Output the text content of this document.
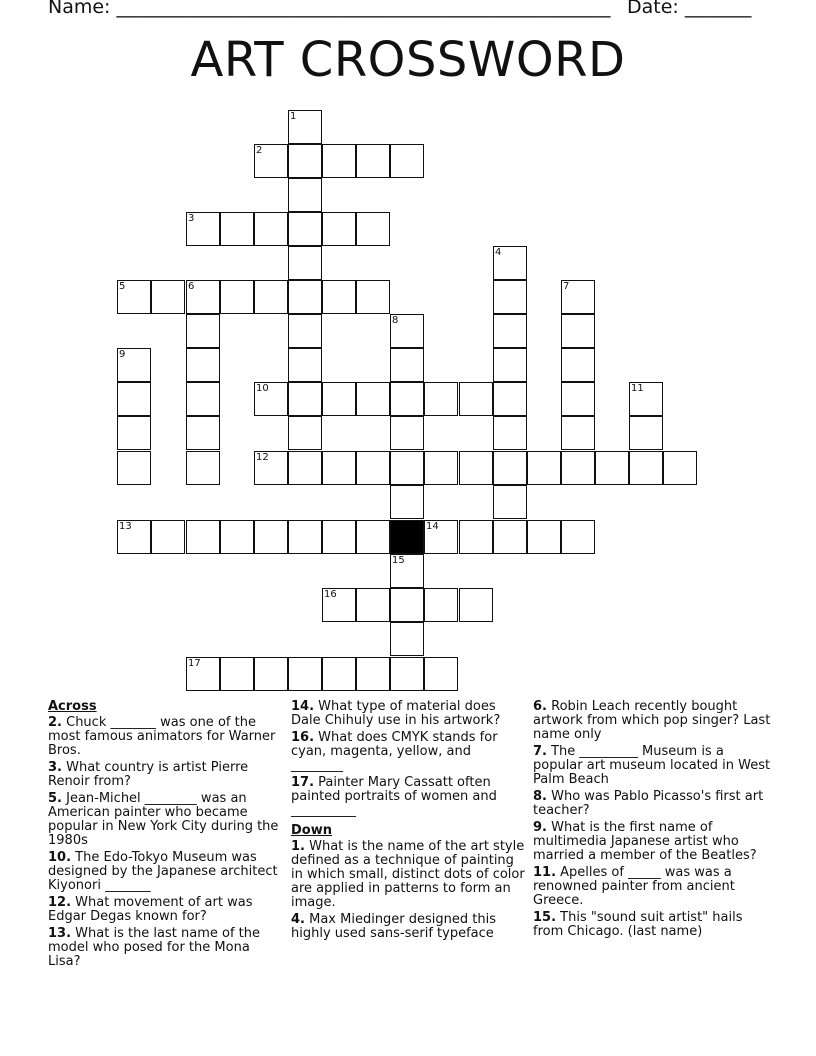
Name: ____________________________________________________ Date: _______
ART CROSSWORD
1
2
3
4
5	6	7
8
9
10	11
12
13	14
15
16
17
Across
2. Chuck _______ was one of the most famous animators for Warner Bros.
3. What country is artist Pierre Renoir from?
5. Jean-Michel ________ was an American painter who became popular in New York City during the 1980s
10. The Edo-Tokyo Museum was designed by the Japanese architect Kiyonori _______
12. What movement of art was Edgar Degas known for?
13. What is the last name of the model who posed for the Mona Lisa?
14. What type of material does Dale Chihuly use in his artwork?
16. What does CMYK stands for cyan, magenta, yellow, and ________
17. Painter Mary Cassatt often painted portraits of women and __________
Down
1. What is the name of the art style defined as a technique of painting in which small, distinct dots of color are applied in patterns to form an image.
4. Max Miedinger designed this highly used sans-serif typeface
6. Robin Leach recently bought artwork from which pop singer? Last name only
7. The _________ Museum is a popular art museum located in West Palm Beach
8. Who was Pablo Picasso's first art teacher?
9. What is the first name of multimedia Japanese artist who married a member of the Beatles?
11. Apelles of _____ was was a renowned painter from ancient Greece.
15. This "sound suit artist" hails from Chicago. (last name)
